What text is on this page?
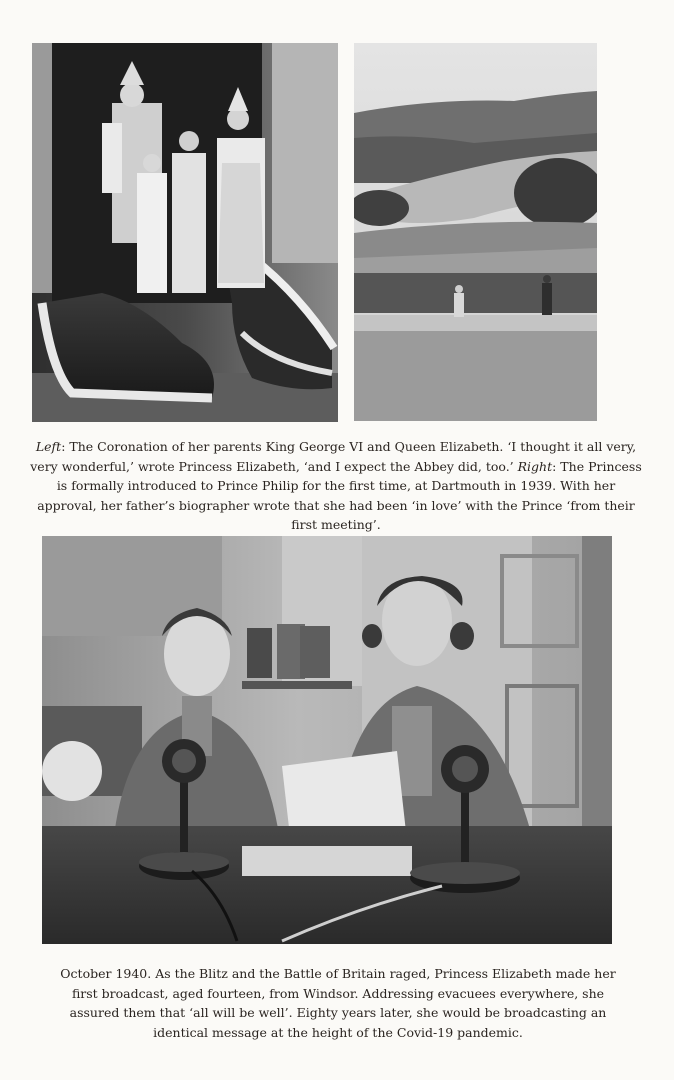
Left: The Coronation of her parents King George VI and Queen Elizabeth. ‘I thought it all very, very wonderful,’ wrote Princess Elizabeth, ‘and I expect the Abbey did, too.’ Right: The Princess is formally introduced to Prince Philip for the first time, at Dartmouth in 1939. With her approval, her father’s biographer wrote that she had been ‘in love’ with the Prince ‘from their first meeting’.
October 1940. As the Blitz and the Battle of Britain raged, Princess Elizabeth made her first broadcast, aged fourteen, from Windsor. Addressing evacuees everywhere, she assured them that ‘all will be well’. Eighty years later, she would be broadcasting an identical message at the height of the Covid-19 pandemic.
